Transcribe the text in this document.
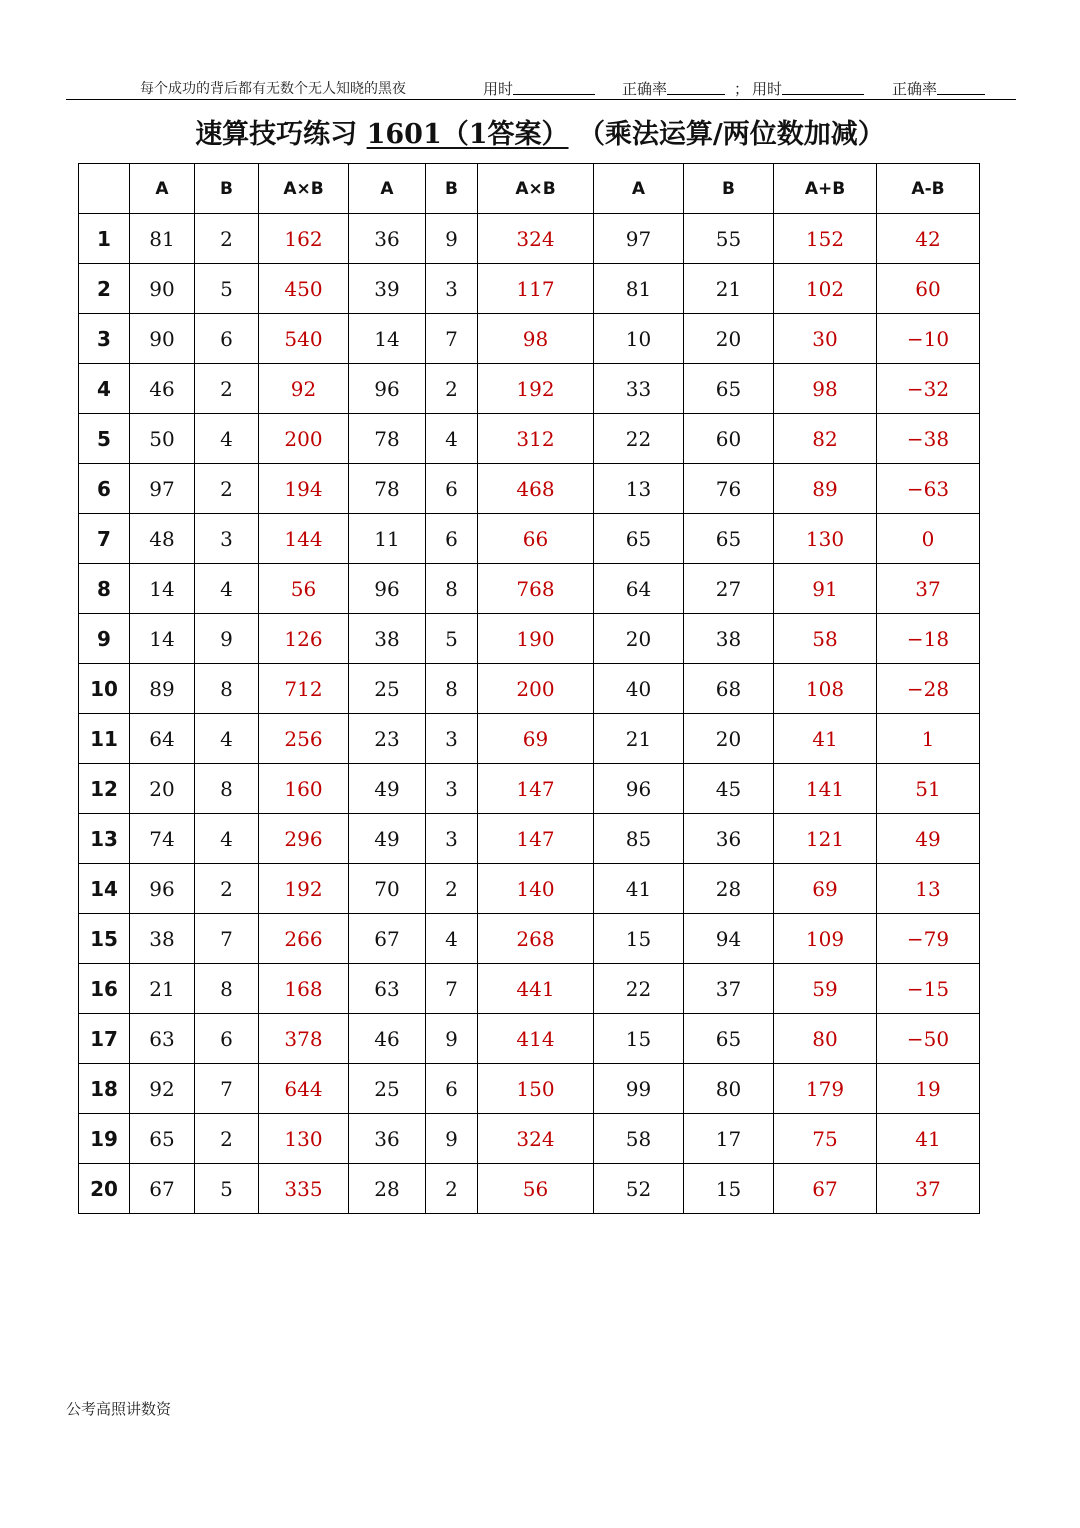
每个成功的背后都有无数个无人知晓的黑夜	用时	正确率	； 用时	正确率
速算技巧练习 1601（1答案） （乘法运算/两位数加减）
	A	B	A×B	A	B	A×B	A	B	A+B	A-B
1	81	2	162	36	9	324	97	55	152	42
2	90	5	450	39	3	117	81	21	102	60
3	90	6	540	14	7	98	10	20	30	−10
4	46	2	92	96	2	192	33	65	98	−32
5	50	4	200	78	4	312	22	60	82	−38
6	97	2	194	78	6	468	13	76	89	−63
7	48	3	144	11	6	66	65	65	130	0
8	14	4	56	96	8	768	64	27	91	37
9	14	9	126	38	5	190	20	38	58	−18
10	89	8	712	25	8	200	40	68	108	−28
11	64	4	256	23	3	69	21	20	41	1
12	20	8	160	49	3	147	96	45	141	51
13	74	4	296	49	3	147	85	36	121	49
14	96	2	192	70	2	140	41	28	69	13
15	38	7	266	67	4	268	15	94	109	−79
16	21	8	168	63	7	441	22	37	59	−15
17	63	6	378	46	9	414	15	65	80	−50
18	92	7	644	25	6	150	99	80	179	19
19	65	2	130	36	9	324	58	17	75	41
20	67	5	335	28	2	56	52	15	67	37
公考高照讲数资
